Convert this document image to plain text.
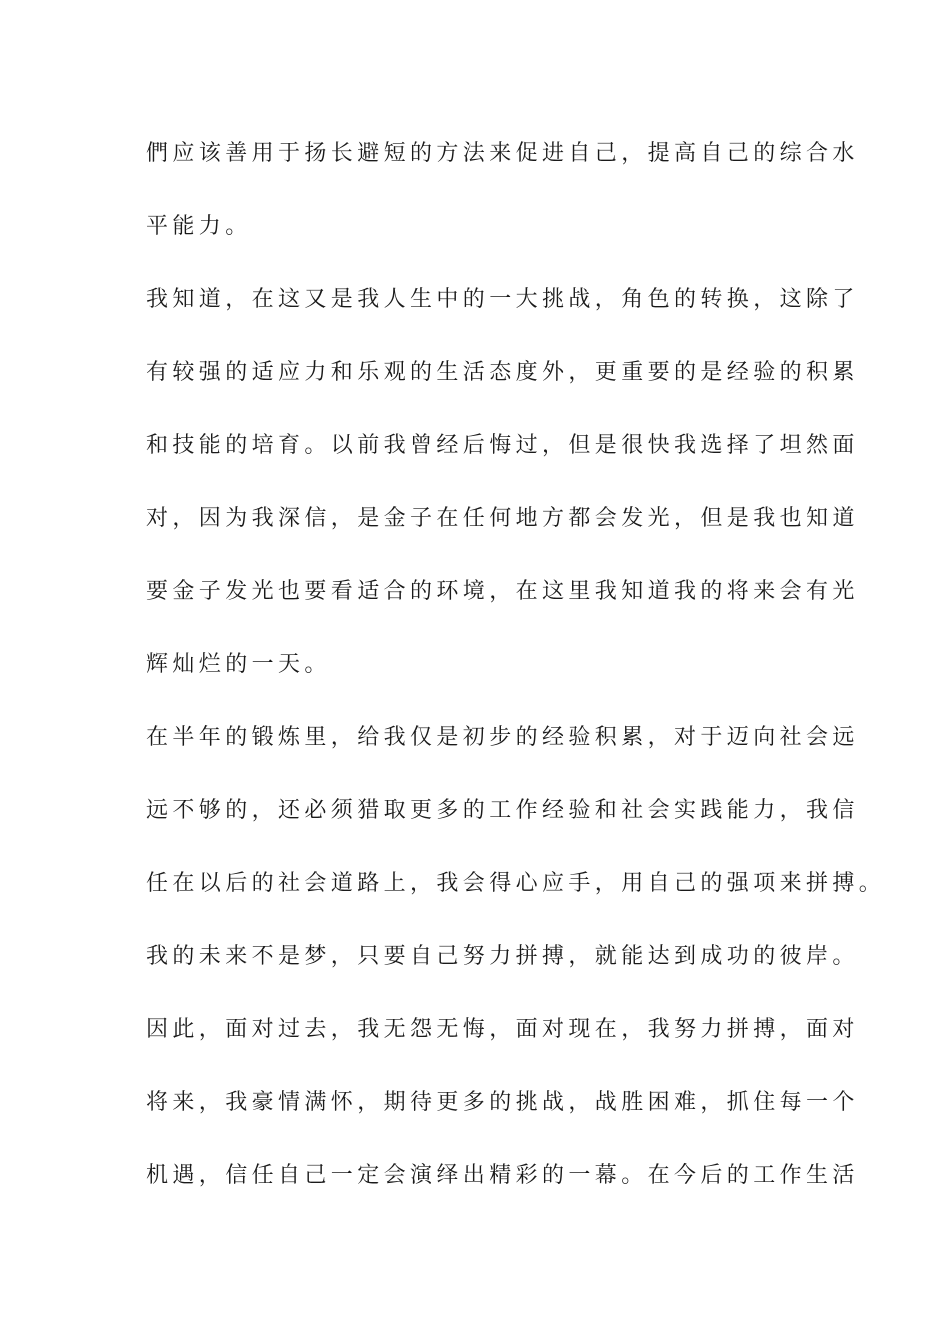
們应该善用于扬长避短的方法来促进自己，提高自己的综合水
平能力。
我知道，在这又是我人生中的一大挑战，角色的转换，这除了
有较强的适应力和乐观的生活态度外，更重要的是经验的积累
和技能的培育。以前我曾经后悔过，但是很快我选择了坦然面
对，因为我深信，是金子在任何地方都会发光，但是我也知道
要金子发光也要看适合的环境，在这里我知道我的将来会有光
辉灿烂的一天。
在半年的锻炼里，给我仅是初步的经验积累，对于迈向社会远
远不够的，还必须猎取更多的工作经验和社会实践能力，我信
任在以后的社会道路上，我会得心应手，用自己的强项来拼搏。
我的未来不是梦，只要自己努力拼搏，就能达到成功的彼岸。
因此，面对过去，我无怨无悔，面对现在，我努力拼搏，面对
将来，我豪情满怀，期待更多的挑战，战胜困难，抓住每一个
机遇，信任自己一定会演绎出精彩的一幕。在今后的工作生活
